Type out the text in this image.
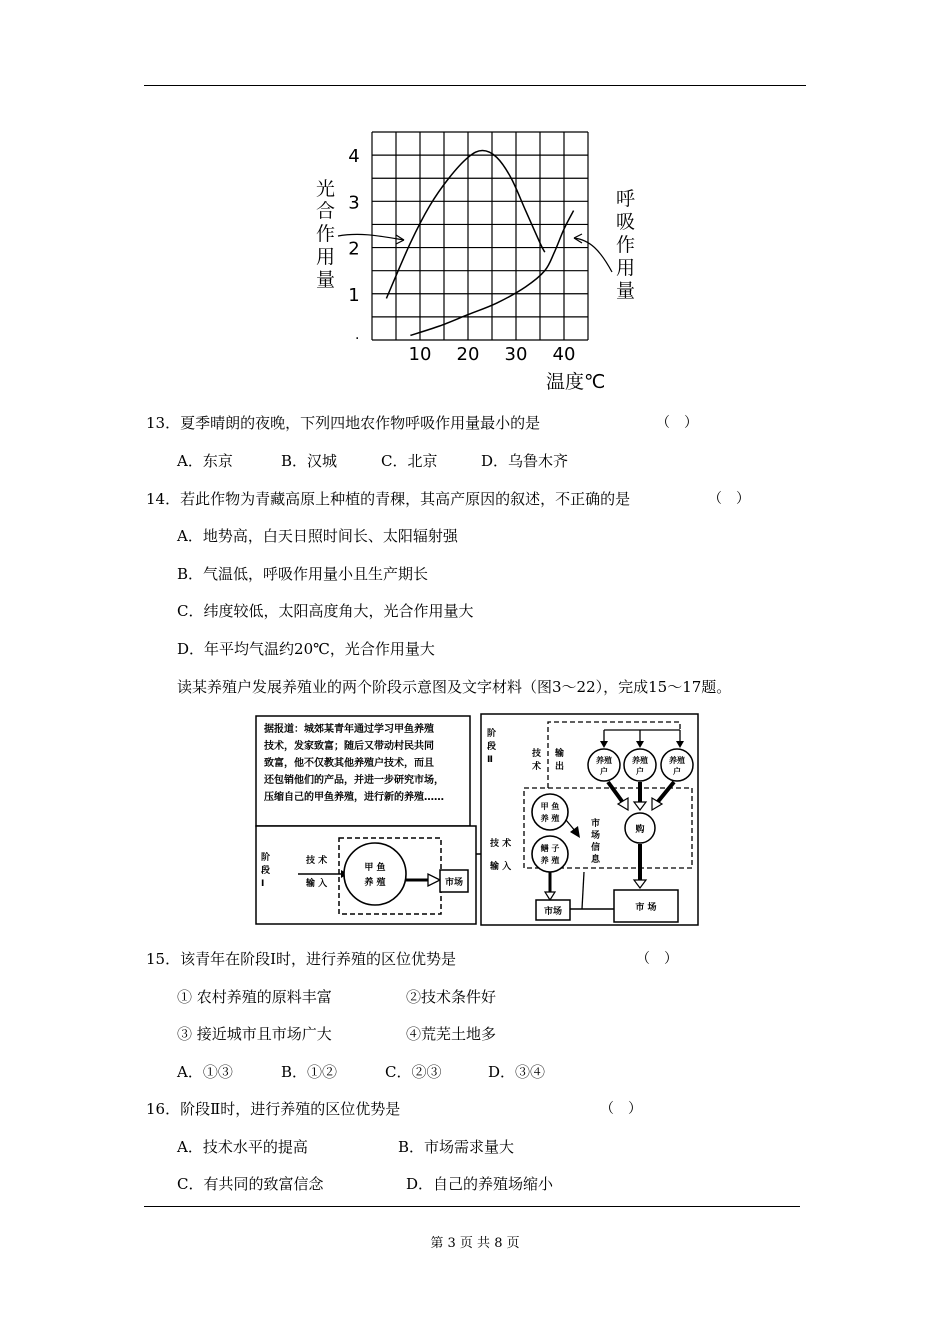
10 20 30 40
1
2
3
4
·
光
合
作
用
量
呼
吸
作
用
量
温度℃
13．夏季晴朗的夜晚，下列四地农作物呼吸作用量最小的是	（　）
A．东京	B．汉城	C．北京	D．乌鲁木齐
14．若此作物为青藏高原上种植的青稞，其高产原因的叙述，不正确的是	（　）
A．地势高，白天日照时间长、太阳辐射强
B．气温低，呼吸作用量小且生产期长
C．纬度较低，太阳高度角大，光合作用量大
D．年平均气温约20℃，光合作用量大
读某养殖户发展养殖业的两个阶段示意图及文字材料（图3～22），完成15～17题。
据报道：城郊某青年通过学习甲鱼养殖
技术，发家致富；随后又带动村民共同
致富，他不仅教其他养殖户技术，而且
还包销他们的产品，并进一步研究市场，
压缩自己的甲鱼养殖，进行新的养殖……
阶
段
Ⅰ
技 术
输 入
甲 鱼
养 殖	市场
阶
段
Ⅱ
技
术
输
出
技 术
输 入
养殖
户
养殖
户
养殖
户
购
甲 鱼
养 殖
鳝 子
养 殖
市
场
信
息
市场	市 场
15．该青年在阶段Ⅰ时，进行养殖的区位优势是	（　）
① 农村养殖的原料丰富	②技术条件好
③ 接近城市且市场广大	④荒芜土地多
A．①③	B．①②	C．②③	D．③④
16．阶段Ⅱ时，进行养殖的区位优势是	（　）
A．技术水平的提高	B．市场需求量大
C．有共同的致富信念	D．自己的养殖场缩小
第 3 页 共 8 页
